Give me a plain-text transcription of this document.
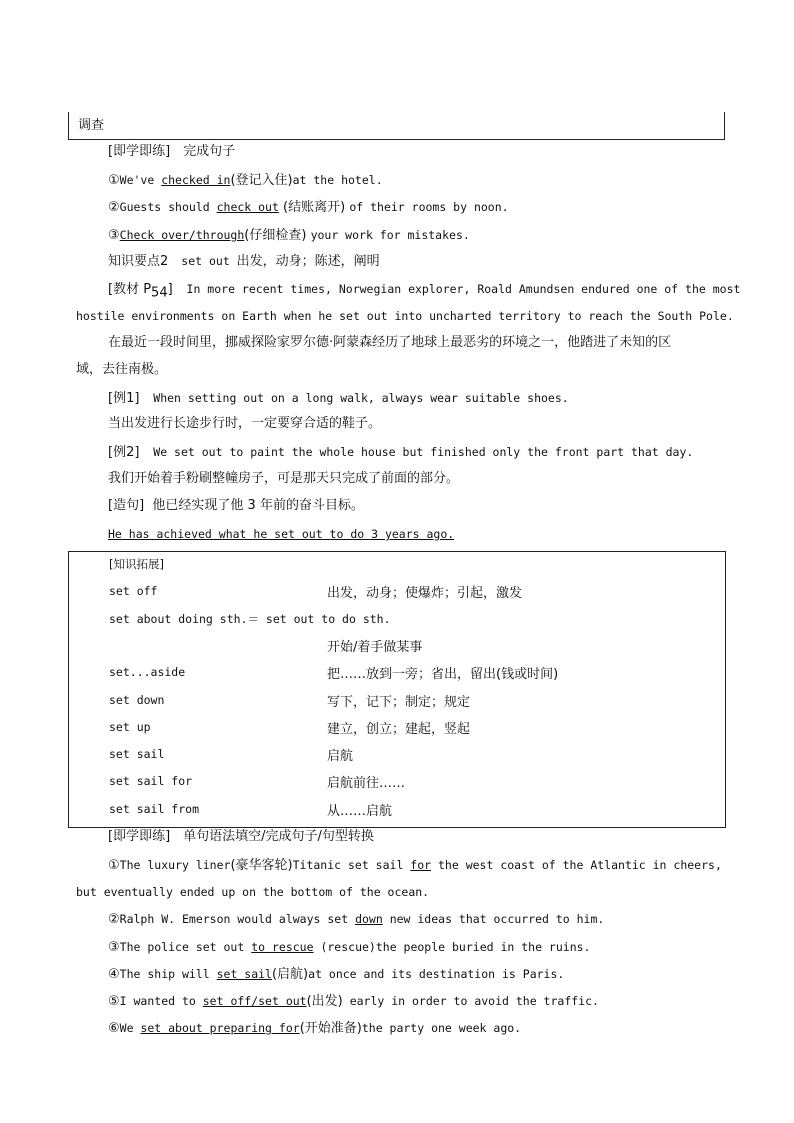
调查
[即学即练]　完成句子
①We've checked in(登记入住)at the hotel.
②Guests should check out (结账离开) of their rooms by noon.
③Check over/through(仔细检查) your work for mistakes.
知识要点2　set out 出发，动身；陈述，阐明
[教材 $P_{54}$] In more recent times, Norwegian explorer, Roald Amundsen endured one of the most
hostile environments on Earth when he set out into uncharted territory to reach the South Pole.
在最近一段时间里，挪威探险家罗尔德·阿蒙森经历了地球上最恶劣的环境之一，他踏进了未知的区
域，去往南极。
[例1] When setting out on a long walk, always wear suitable shoes.
当出发进行长途步行时，一定要穿合适的鞋子。
[例2] We set out to paint the whole house but finished only the front part that day.
我们开始着手粉刷整幢房子，可是那天只完成了前面的部分。
[造句] 他已经实现了他 3 年前的奋斗目标。
He has achieved what he set out to do 3 years ago.
[知识拓展]
set off	出发，动身；使爆炸；引起，激发
set about doing sth.＝ set out to do sth.
开始/着手做某事
set...aside	把……放到一旁；省出，留出(钱或时间)
set down	写下，记下；制定；规定
set up	建立，创立；建起，竖起
set sail	启航
set sail for	启航前往……
set sail from	从……启航
[即学即练]　单句语法填空/完成句子/句型转换
①The luxury liner(豪华客轮)Titanic set sail for the west coast of the Atlantic in cheers,
but eventually ended up on the bottom of the ocean.
②Ralph W. Emerson would always set down new ideas that occurred to him.
③The police set out to rescue (rescue)the people buried in the ruins.
④The ship will set sail(启航)at once and its destination is Paris.
⑤I wanted to set off/set out(出发) early in order to avoid the traffic.
⑥We set about preparing for(开始准备)the party one week ago.
